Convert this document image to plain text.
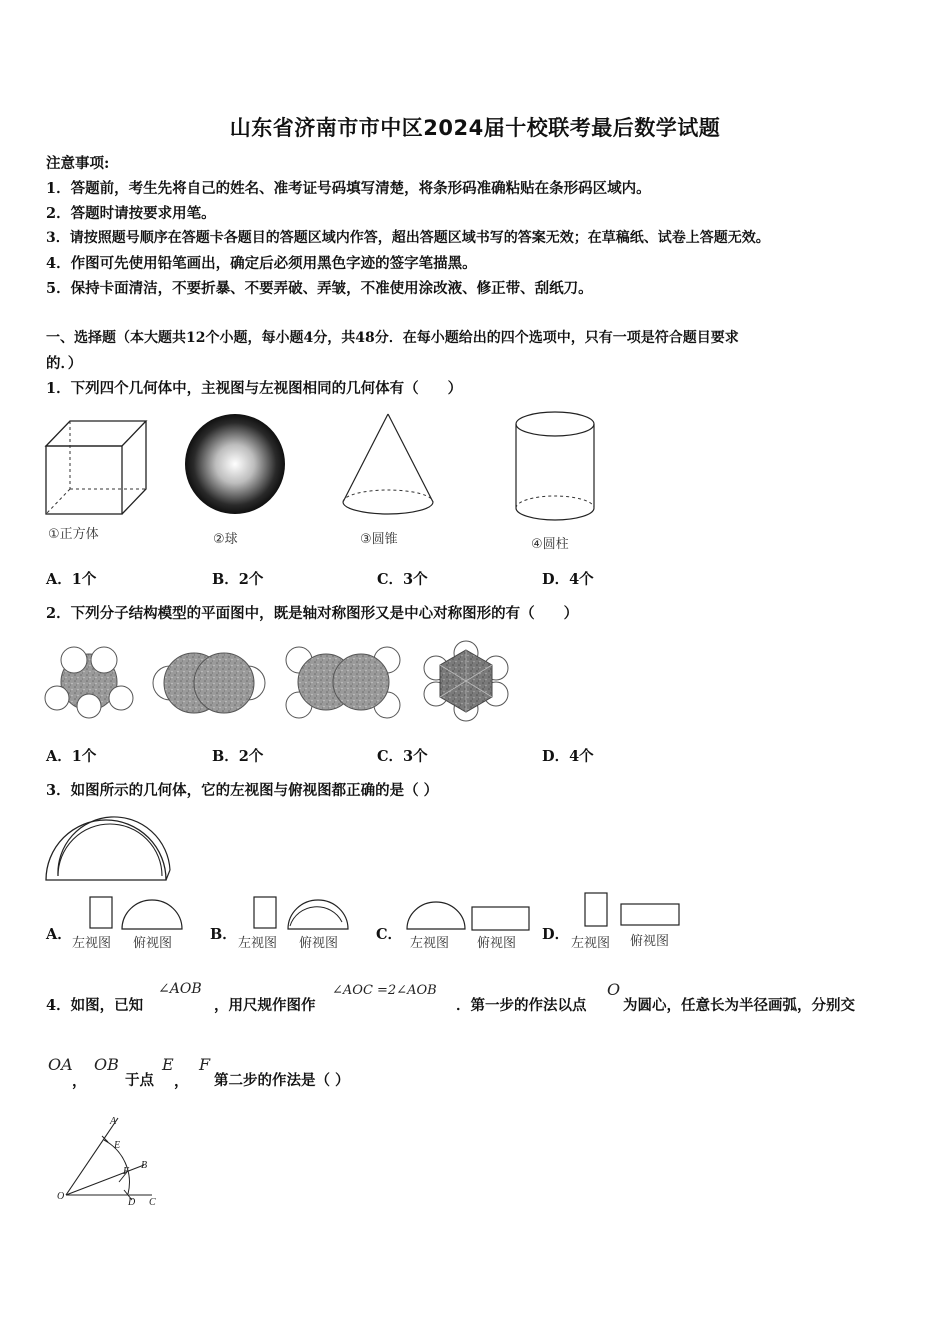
山东省济南市市中区2024届十校联考最后数学试题
注意事项:
1．答题前，考生先将自己的姓名、准考证号码填写清楚，将条形码准确粘贴在条形码区域内。
2．答题时请按要求用笔。
3．请按照题号顺序在答题卡各题目的答题区域内作答，超出答题区域书写的答案无效；在草稿纸、试卷上答题无效。
4．作图可先使用铅笔画出，确定后必须用黑色字迹的签字笔描黑。
5．保持卡面清洁，不要折暴、不要弄破、弄皱，不准使用涂改液、修正带、刮纸刀。
一、选择题（本大题共12个小题，每小题4分，共48分．在每小题给出的四个选项中，只有一项是符合题目要求
的．）
1．下列四个几何体中，主视图与左视图相同的几何体有（　　）
①正方体	②球	③圆锥	④圆柱
A．1个	B．2个	C．3个	D．4个
2．下列分子结构模型的平面图中，既是轴对称图形又是中心对称图形的有（　　）
A．1个	B．2个	C．3个	D．4个
3．如图所示的几何体，它的左视图与俯视图都正确的是（ ）
A．
左视图 俯视图
B．
左视图 俯视图
C．
左视图 俯视图
D．
左视图 俯视图
4．如图，已知
∠AOB
，用尺规作图作
∠AOC =2∠AOB
．第一步的作法以点
O
为圆心，任意长为半径画弧，分别交
OA
，
OB
于点
E
，
F
第二步的作法是（ ）
A
E
B
F
O
D C
